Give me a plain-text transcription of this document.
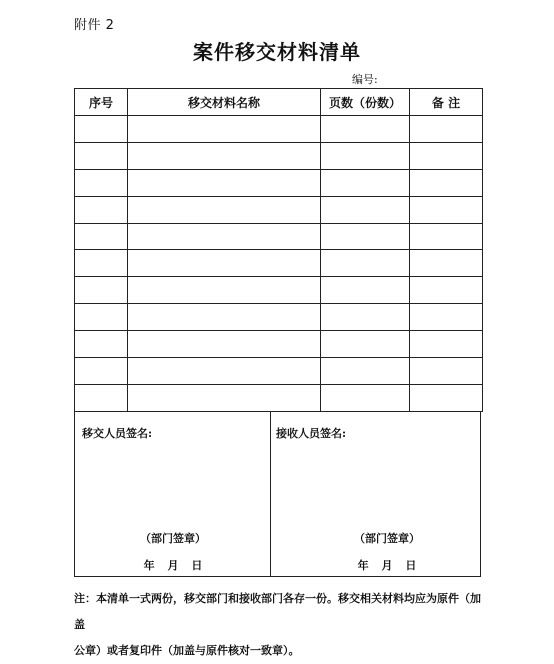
附件 2
案件移交材料清单
编号:
序号	移交材料名称	页数（份数）	备 注

移交人员签名:
（部门签章）
年 月 日
接收人员签名:
（部门签章）
年 月 日
注：本清单一式两份，移交部门和接收部门各存一份。移交相关材料均应为原件（加盖
公章）或者复印件（加盖与原件核对一致章）。
